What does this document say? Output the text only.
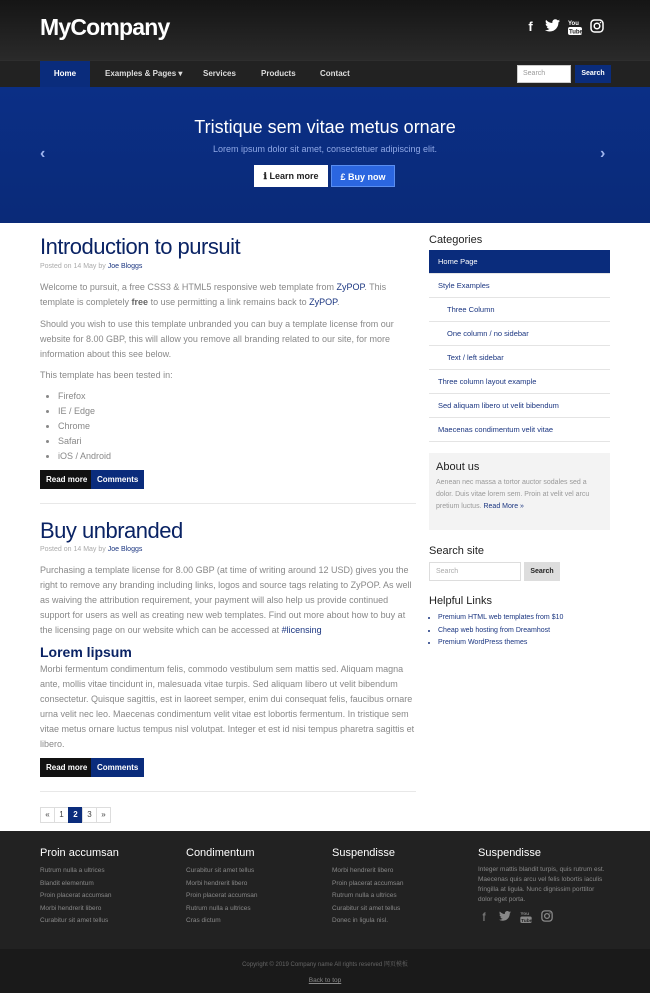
MyCompany	f	You
Tube
Home	Examples & Pages ▾	Services	Products	Contact	Search	Search
‹
Tristique sem vitae metus ornare

Lorem ipsum dolor sit amet, consectetuer adipiscing elit.

ℹ Learn more	£ Buy now
›
Introduction to pursuit
Posted on 14 May by Joe Bloggs
Welcome to pursuit, a free CSS3 & HTML5 responsive web template from ZyPOP. This template is completely free to use permitting a link remains back to ZyPOP.
Should you wish to use this template unbranded you can buy a template license from our website for 8.00 GBP, this will allow you remove all branding related to our site, for more information about this see below.
This template has been tested in:
• Firefox
• IE / Edge
• Chrome
• Safari
• iOS / Android
Read more	Comments
Buy unbranded
Posted on 14 May by Joe Bloggs
Purchasing a template license for 8.00 GBP (at time of writing around 12 USD) gives you the right to remove any branding including links, logos and source tags relating to ZyPOP. As well as waiving the attribution requirement, your payment will also help us provide continued support for users as well as creating new web templates. Find out more about how to buy at the licensing page on our website which can be accessed at #licensing
Lorem lipsum
Morbi fermentum condimentum felis, commodo vestibulum sem mattis sed. Aliquam magna ante, mollis vitae tincidunt in, malesuada vitae turpis. Sed aliquam libero ut velit bibendum consectetur. Quisque sagittis, est in laoreet semper, enim dui consequat felis, faucibus ornare urna velit nec leo. Maecenas condimentum velit vitae est lobortis fermentum. In tristique sem vitae metus ornare luctus tempus nisl volutpat. Integer et est id nisi tempus pharetra sagittis et libero.
Read more	Comments
«	1	2	3	»
Categories
Home Page
Style Examples
Three Column
One column / no sidebar
Text / left sidebar
Three column layout example
Sed aliquam libero ut velit bibendum
Maecenas condimentum velit vitae
About us

Aenean nec massa a tortor auctor sodales sed a dolor. Duis vitae lorem sem. Proin at velit vel arcu pretium luctus. Read More »

Search site
Search	Search
Helpful Links
• Premium HTML web templates from $10
• Cheap web hosting from Dreamhost
• Premium WordPress themes
Proin accumsan
Rutrum nulla a ultrices
Blandit elementum
Proin placerat accumsan
Morbi hendrerit libero
Curabitur sit amet tellus
Condimentum
Curabitur sit amet tellus
Morbi hendrerit libero
Proin placerat accumsan
Rutrum nulla a ultrices
Cras dictum
Suspendisse
Morbi hendrerit libero
Proin placerat accumsan
Rutrum nulla a ultrices
Curabitur sit amet tellus
Donec in ligula nisl.
Suspendisse

Integer mattis blandit turpis, quis rutrum est. Maecenas quis arcu vel felis lobortis iaculis fringilla at ligula. Nunc dignissim porttitor dolor eget porta.

f	You
Tube
Copyright © 2019 Company name All rights reserved 网页模板
Back to top
